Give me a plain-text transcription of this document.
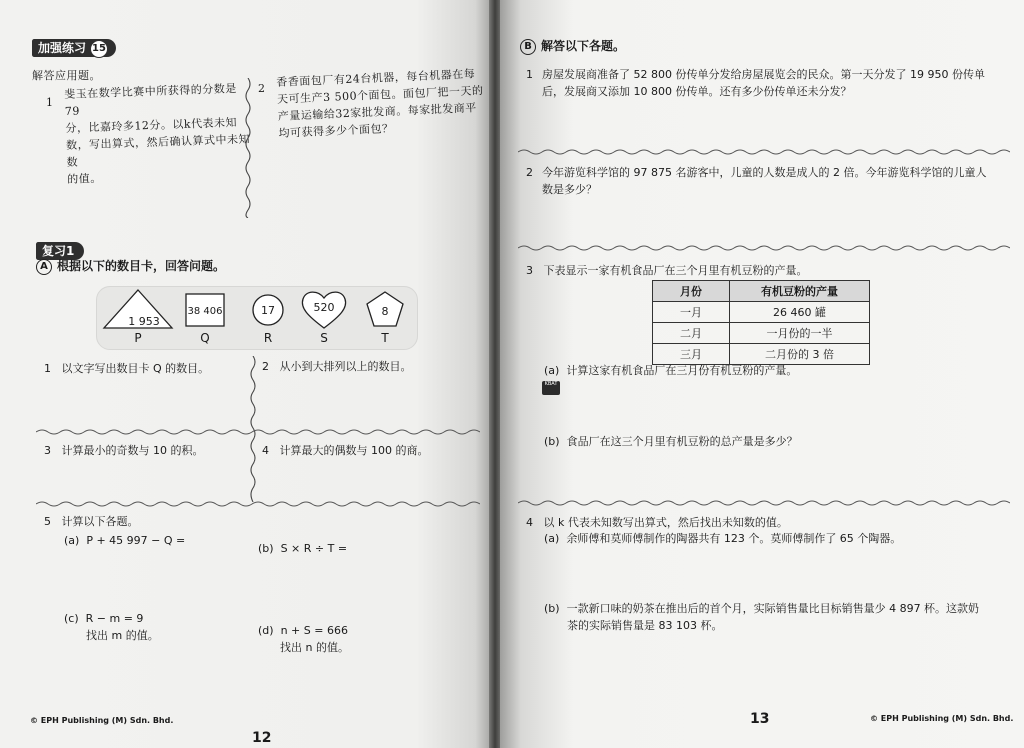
加强练习 15
解答应用题。
1
斐玉在数学比赛中所获得的分数是79
分，比嘉玲多12分。以k代表未知
数，写出算式，然后确认算式中未知数
的值。
2 香香面包厂有24台机器，每台机器在每
天可生产3 500个面包。面包厂把一天的
产量运输给32家批发商。每家批发商平
均可获得多少个面包？
复习1
A 根据以下的数目卡，回答问题。
1 953
38 406	17	520	8
P	Q	R	S	T
1 以文字写出数目卡 Q 的数目。	2 从小到大排列以上的数目。
3 计算最小的奇数与 10 的积。	4 计算最大的偶数与 100 的商。
5 计算以下各题。
(a) P + 45 997 − Q =
(b) S × R ÷ T =
(c) R − m = 9
找出 m 的值。	(d) n + S = 666
找出 n 的值。
© EPH Publishing (M) Sdn. Bhd.
12
B 解答以下各题。
1 房屋发展商准备了 52 800 份传单分发给房屋展览会的民众。第一天分发了 19 950 份传单
后，发展商又添加 10 800 份传单。还有多少份传单还未分发？
2 今年游览科学馆的 97 875 名游客中，儿童的人数是成人的 2 倍。今年游览科学馆的儿童人
数是多少？
3 下表显示一家有机食品厂在三个月里有机豆粉的产量。
月份	有机豆粉的产量
一月	26 460 罐
二月	一月份的一半
三月	二月份的 3 倍
(a) 计算这家有机食品厂在三月份有机豆粉的产量。
KBAT
(b) 食品厂在这三个月里有机豆粉的总产量是多少？
4 以 k 代表未知数写出算式，然后找出未知数的值。
(a) 余师傅和莫师傅制作的陶器共有 123 个。莫师傅制作了 65 个陶器。
(b) 一款新口味的奶茶在推出后的首个月，实际销售量比目标销售量少 4 897 杯。这款奶
茶的实际销售量是 83 103 杯。
13	© EPH Publishing (M) Sdn. Bhd.
